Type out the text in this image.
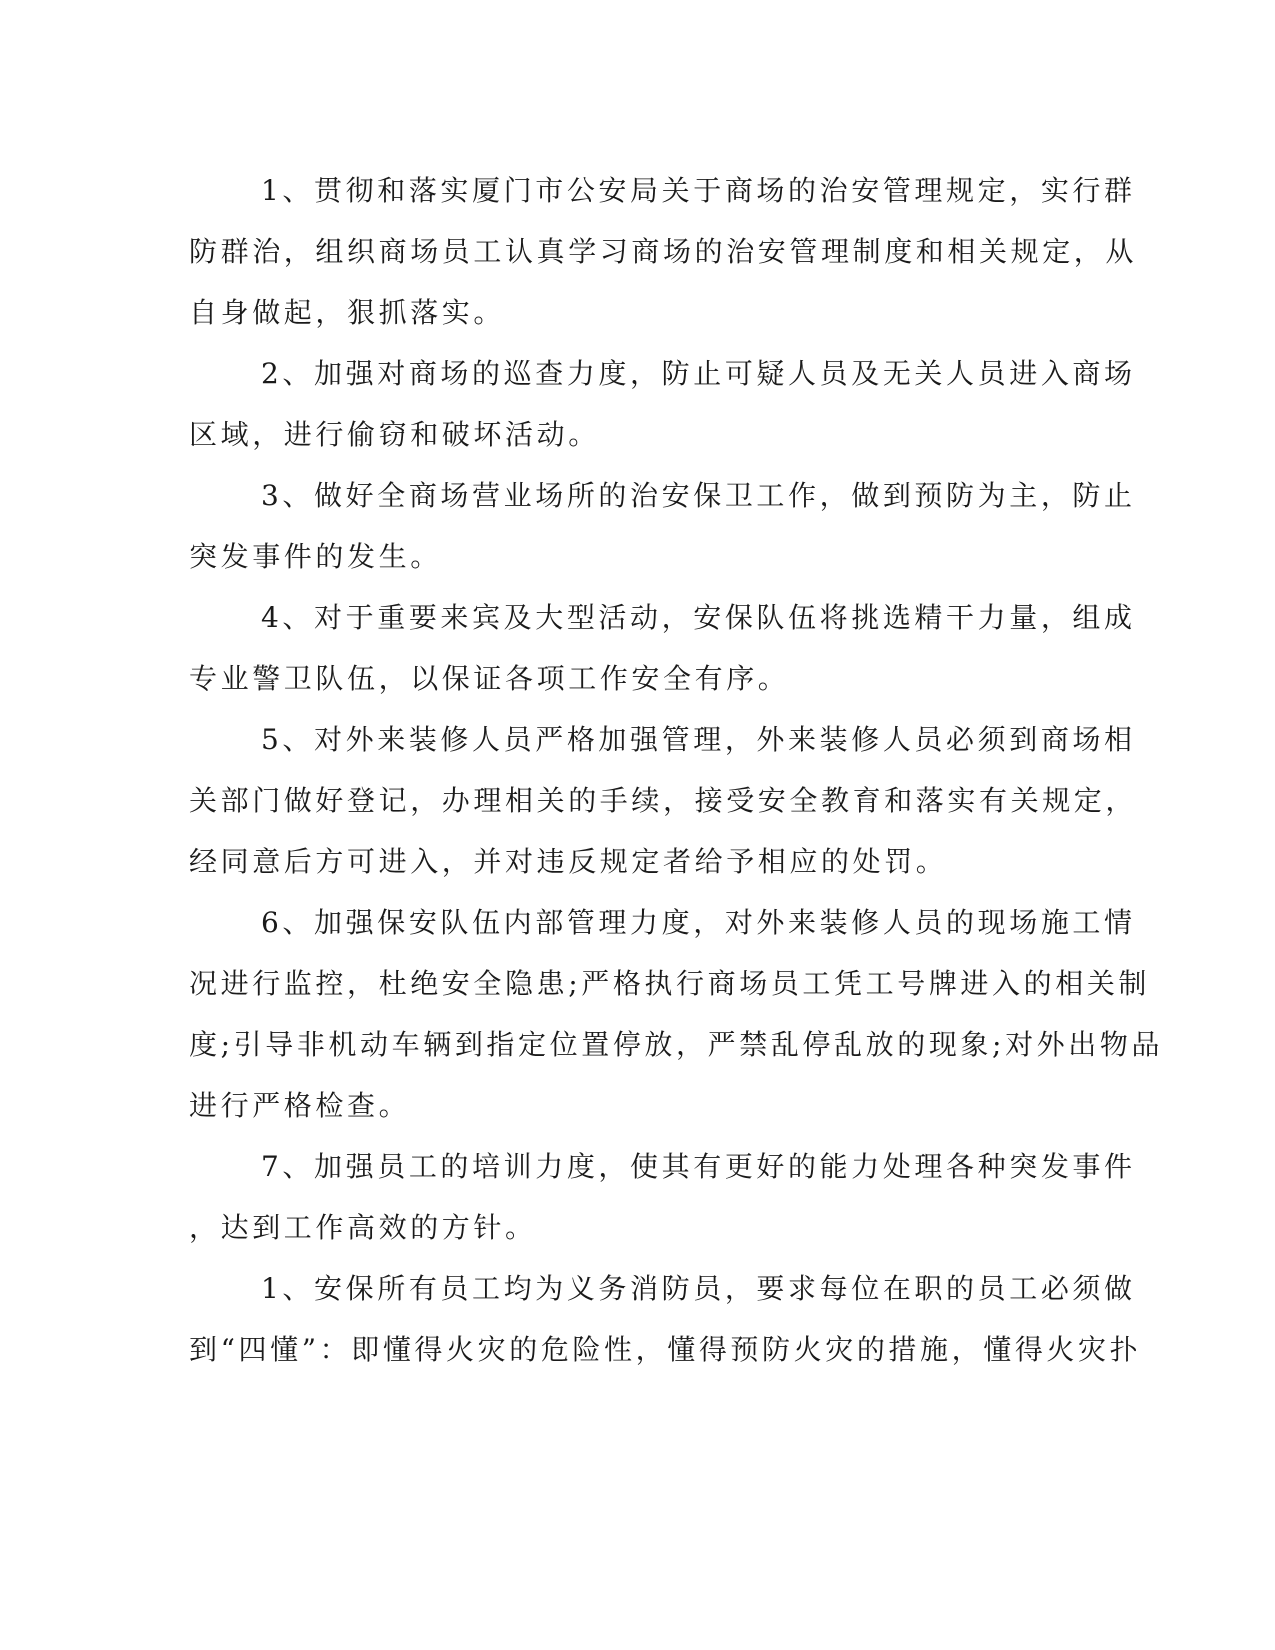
1、贯彻和落实厦门市公安局关于商场的治安管理规定，实行群
防群治，组织商场员工认真学习商场的治安管理制度和相关规定，从
自身做起，狠抓落实。
2、加强对商场的巡查力度，防止可疑人员及无关人员进入商场
区域，进行偷窃和破坏活动。
3、做好全商场营业场所的治安保卫工作，做到预防为主，防止
突发事件的发生。
4、对于重要来宾及大型活动，安保队伍将挑选精干力量，组成
专业警卫队伍，以保证各项工作安全有序。
5、对外来装修人员严格加强管理，外来装修人员必须到商场相
关部门做好登记，办理相关的手续，接受安全教育和落实有关规定，
经同意后方可进入，并对违反规定者给予相应的处罚。
6、加强保安队伍内部管理力度，对外来装修人员的现场施工情
况进行监控，杜绝安全隐患;严格执行商场员工凭工号牌进入的相关制
度;引导非机动车辆到指定位置停放，严禁乱停乱放的现象;对外出物品
进行严格检查。
7、加强员工的培训力度，使其有更好的能力处理各种突发事件
，达到工作高效的方针。
1、安保所有员工均为义务消防员，要求每位在职的员工必须做
到“四懂”：即懂得火灾的危险性，懂得预防火灾的措施，懂得火灾扑
